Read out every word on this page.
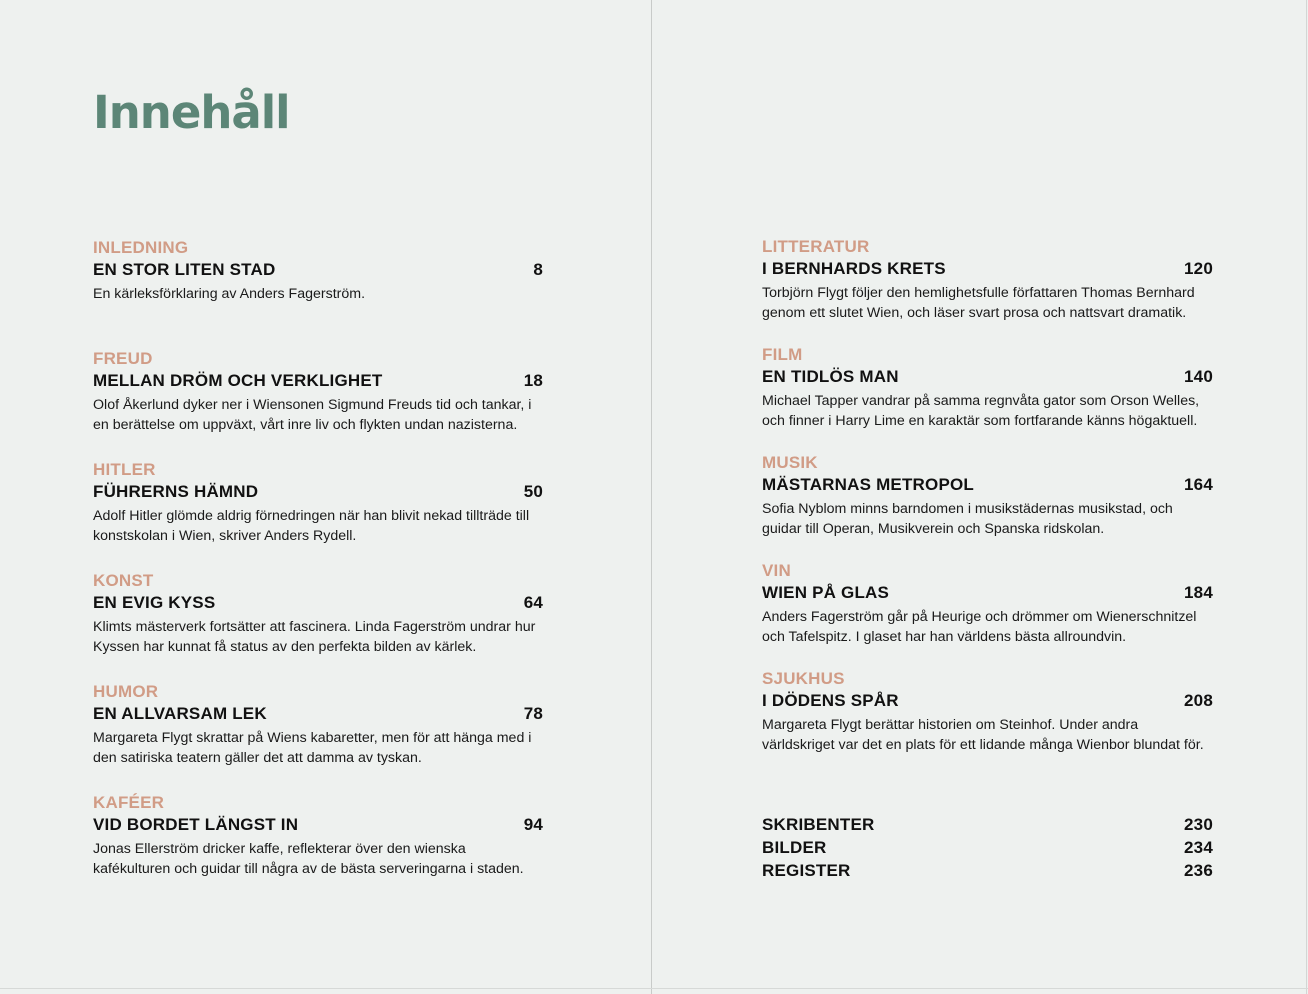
Innehåll
INLEDNING
EN STOR LITEN STAD	8
En kärleksförklaring av Anders Fagerström.
FREUD
MELLAN DRÖM OCH VERKLIGHET	18
Olof Åkerlund dyker ner i Wiensonen Sigmund Freuds tid och tankar, i en berättelse om uppväxt, vårt inre liv och flykten undan nazisterna.
HITLER
FÜHRERNS HÄMND	50
Adolf Hitler glömde aldrig förnedringen när han blivit nekad tillträde till konstskolan i Wien, skriver Anders Rydell.
KONST
EN EVIG KYSS	64
Klimts mästerverk fortsätter att fascinera. Linda Fagerström undrar hur Kyssen har kunnat få status av den perfekta bilden av kärlek.
HUMOR
EN ALLVARSAM LEK	78
Margareta Flygt skrattar på Wiens kabaretter, men för att hänga med i den satiriska teatern gäller det att damma av tyskan.
KAFÉER
VID BORDET LÄNGST IN	94
Jonas Ellerström dricker kaffe, reflekterar över den wienska kafékulturen och guidar till några av de bästa serveringarna i staden.
LITTERATUR
I BERNHARDS KRETS	120
Torbjörn Flygt följer den hemlighetsfulle författaren Thomas Bernhard genom ett slutet Wien, och läser svart prosa och nattsvart dramatik.
FILM
EN TIDLÖS MAN	140
Michael Tapper vandrar på samma regnvåta gator som Orson Welles, och finner i Harry Lime en karaktär som fortfarande känns högaktuell.
MUSIK
MÄSTARNAS METROPOL	164
Sofia Nyblom minns barndomen i musikstädernas musikstad, och guidar till Operan, Musikverein och Spanska ridskolan.
VIN
WIEN PÅ GLAS	184
Anders Fagerström går på Heurige och drömmer om Wienerschnitzel och Tafelspitz. I glaset har han världens bästa allroundvin.
SJUKHUS
I DÖDENS SPÅR	208
Margareta Flygt berättar historien om Steinhof. Under andra världskriget var det en plats för ett lidande många Wienbor blundat för.
SKRIBENTER	230
BILDER	234
REGISTER	236
